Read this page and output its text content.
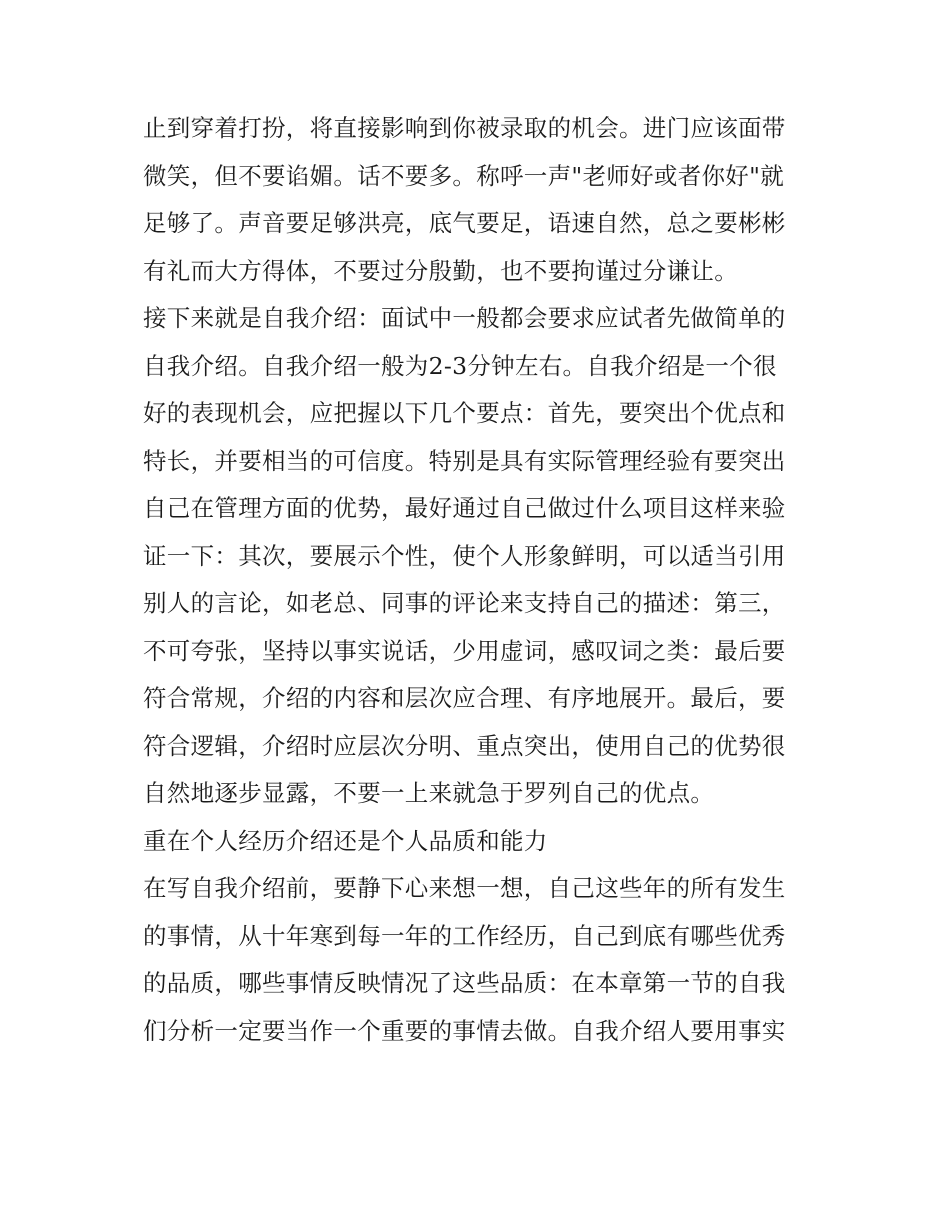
止到穿着打扮，将直接影响到你被录取的机会。进门应该面带
微笑，但不要谄媚。话不要多。称呼一声"老师好或者你好"就
足够了。声音要足够洪亮，底气要足，语速自然，总之要彬彬
有礼而大方得体，不要过分殷勤，也不要拘谨过分谦让。
接下来就是自我介绍：面试中一般都会要求应试者先做简单的
自我介绍。自我介绍一般为2-3分钟左右。自我介绍是一个很
好的表现机会，应把握以下几个要点：首先，要突出个优点和
特长，并要相当的可信度。特别是具有实际管理经验有要突出
自己在管理方面的优势，最好通过自己做过什么项目这样来验
证一下：其次，要展示个性，使个人形象鲜明，可以适当引用
别人的言论，如老总、同事的评论来支持自己的描述：第三，
不可夸张，坚持以事实说话，少用虚词，感叹词之类：最后要
符合常规，介绍的内容和层次应合理、有序地展开。最后，要
符合逻辑，介绍时应层次分明、重点突出，使用自己的优势很
自然地逐步显露，不要一上来就急于罗列自己的优点。
重在个人经历介绍还是个人品质和能力
在写自我介绍前，要静下心来想一想，自己这些年的所有发生
的事情，从十年寒到每一年的工作经历，自己到底有哪些优秀
的品质，哪些事情反映情况了这些品质：在本章第一节的自我
们分析一定要当作一个重要的事情去做。自我介绍人要用事实
